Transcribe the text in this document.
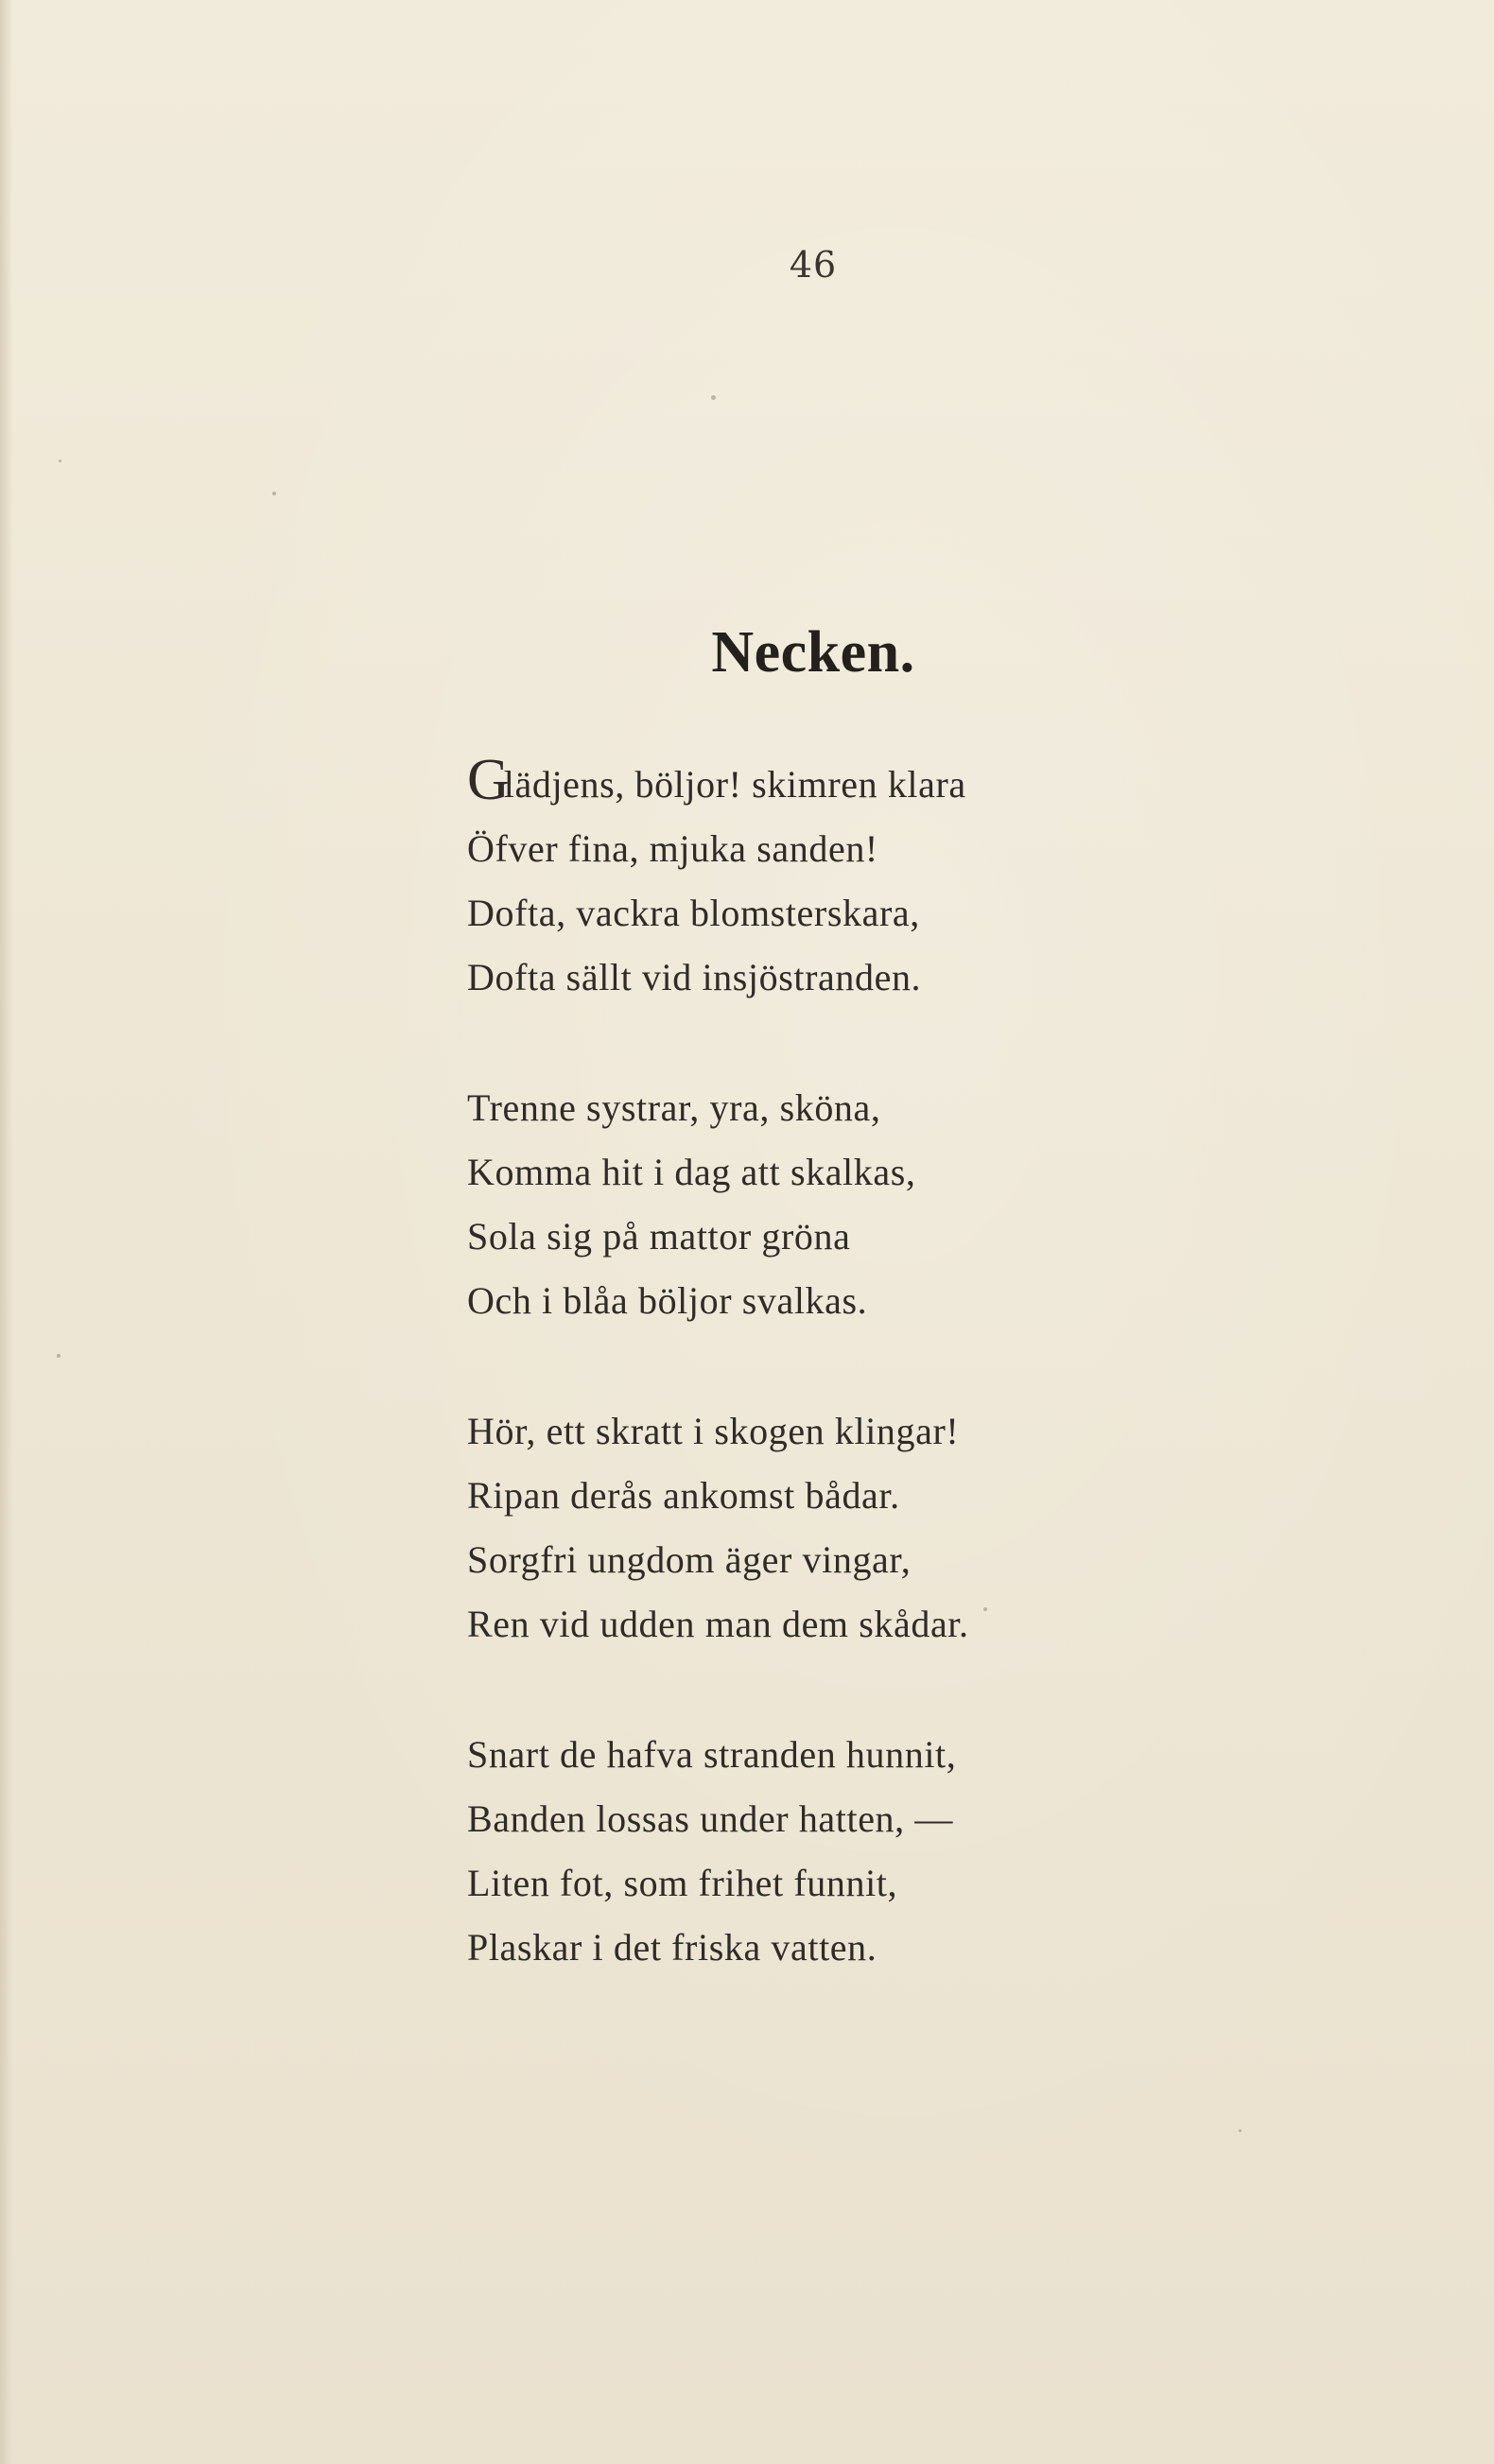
46
Necken.
Glädjens, böljor! skimren klara
Öfver fina, mjuka sanden!
Dofta, vackra blomsterskara,
Dofta sällt vid insjöstranden.
Trenne systrar, yra, sköna,
Komma hit i dag att skalkas,
Sola sig på mattor gröna
Och i blåa böljor svalkas.
Hör, ett skratt i skogen klingar!
Ripan derås ankomst bådar.
Sorgfri ungdom äger vingar,
Ren vid udden man dem skådar.
Snart de hafva stranden hunnit,
Banden lossas under hatten, —
Liten fot, som frihet funnit,
Plaskar i det friska vatten.
